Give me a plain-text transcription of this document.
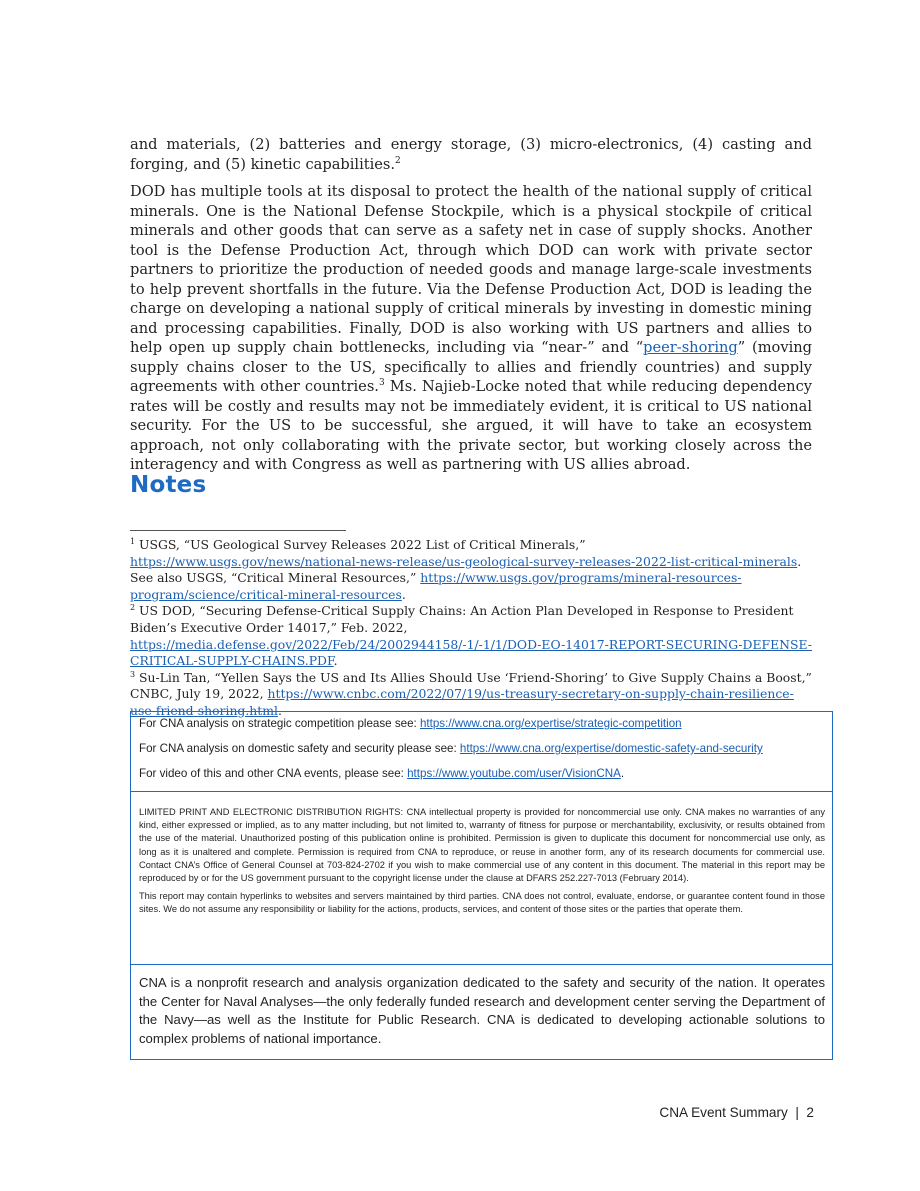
and materials, (2) batteries and energy storage, (3) micro-electronics, (4) casting and forging, and (5) kinetic capabilities.$^2$

DOD has multiple tools at its disposal to protect the health of the national supply of critical minerals. One is the National Defense Stockpile, which is a physical stockpile of critical minerals and other goods that can serve as a safety net in case of supply shocks. Another tool is the Defense Production Act, through which DOD can work with private sector partners to prioritize the production of needed goods and manage large-scale investments to help prevent shortfalls in the future. Via the Defense Production Act, DOD is leading the charge on developing a national supply of critical minerals by investing in domestic mining and processing capabilities. Finally, DOD is also working with US partners and allies to help open up supply chain bottlenecks, including via “near-” and “peer-shoring” (moving supply chains closer to the US, specifically to allies and friendly countries) and supply agreements with other countries.$^3$ Ms. Najieb-Locke noted that while reducing dependency rates will be costly and results may not be immediately evident, it is critical to US national security. For the US to be successful, she argued, it will have to take an ecosystem approach, not only collaborating with the private sector, but working closely across the interagency and with Congress as well as partnering with US allies abroad.

Notes
$^1$ USGS, “US Geological Survey Releases 2022 List of Critical Minerals,” https://www.usgs.gov/news/national-news-release/us-geological-survey-releases-2022-list-critical-minerals. See also USGS, “Critical Mineral Resources,” https://www.usgs.gov/programs/mineral-resources-program/science/critical-mineral-resources.
$^2$ US DOD, “Securing Defense-Critical Supply Chains: An Action Plan Developed in Response to President Biden’s Executive Order 14017,” Feb. 2022, https://media.defense.gov/2022/Feb/24/2002944158/-1/-1/1/DOD-EO-14017-REPORT-SECURING-DEFENSE-CRITICAL-SUPPLY-CHAINS.PDF.
$^3$ Su-Lin Tan, “Yellen Says the US and Its Allies Should Use ‘Friend-Shoring’ to Give Supply Chains a Boost,” CNBC, July 19, 2022, https://www.cnbc.com/2022/07/19/us-treasury-secretary-on-supply-chain-resilience-use-friend-shoring.html.

For CNA analysis on strategic competition please see: https://www.cna.org/expertise/strategic-competition

For CNA analysis on domestic safety and security please see: https://www.cna.org/expertise/domestic-safety-and-security

For video of this and other CNA events, please see: https://www.youtube.com/user/VisionCNA.

LIMITED PRINT AND ELECTRONIC DISTRIBUTION RIGHTS: CNA intellectual property is provided for noncommercial use only. CNA makes no warranties of any kind, either expressed or implied, as to any matter including, but not limited to, warranty of fitness for purpose or merchantability, exclusivity, or results obtained from the use of the material. Unauthorized posting of this publication online is prohibited. Permission is given to duplicate this document for noncommercial use only, as long as it is unaltered and complete. Permission is required from CNA to reproduce, or reuse in another form, any of its research documents for commercial use. Contact CNA’s Office of General Counsel at 703-824-2702 if you wish to make commercial use of any content in this document. The material in this report may be reproduced by or for the US government pursuant to the copyright license under the clause at DFARS 252.227-7013 (February 2014).

This report may contain hyperlinks to websites and servers maintained by third parties. CNA does not control, evaluate, endorse, or guarantee content found in those sites. We do not assume any responsibility or liability for the actions, products, services, and content of those sites or the parties that operate them.

CNA is a nonprofit research and analysis organization dedicated to the safety and security of the nation. It operates the Center for Naval Analyses—the only federally funded research and development center serving the Department of the Navy—as well as the Institute for Public Research. CNA is dedicated to developing actionable solutions to complex problems of national importance.

CNA Event Summary  |  2
